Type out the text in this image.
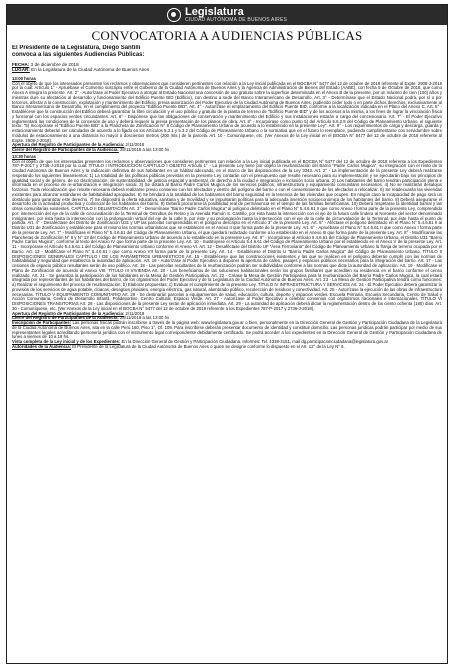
Legislatura
CIUDAD AUTÓNOMA DE BUENOS AIRES
CONVOCATORIA A AUDIENCIAS PÚBLICAS

El Presidente de la Legislatura, Diego Santilli
convoca a las siguientes Audiencias Públicas:

FECHA: 3 de diciembre de 2018

LUGAR: En la Legislatura de la Ciudad Autónoma de Buenos Aires

13:00 horas

Con el objeto de que los interesados presenten los reclamos y observaciones que consideren pertinentes con relación a la Ley inicial publicada en el BOCBA N° 5477 del 12 de octubre de 2018 referente al Expte. 2908-J-2018 por la cual: Artículo 1° - Apruébase el Convenio suscripto entre el Gobierno de la Ciudad Autónoma de Buenos Aires y la Agencia de Administración de Bienes del Estado (AABE), con fecha 5 de Octubre de 2018, que como Anexo A integra la presente. Art. 2° - Autorízase al Poder Ejecutivo a otorgar al Estado Nacional una concesión de uso gratuito sobre la superficie determinada en el Anexo B de la presente, por un máximo de cien (100) años y mientras dure su afectación al desarrollo y funcionamiento del Edificio Puente BID (Edificio), con destino a sede del Banco Interamericano de Desarrollo. Art. 3° - Determínase que el Estado Nacional podrá, por sí o por terceros, afectar a la construcción, explotación y mantenimiento del Edificio, previa autorización del Poder Ejecutivo de la Ciudad Autónoma de Buenos Aires, pudiendo ceder todo o en parte dichos derechos, exclusivamente al Banco Interamericano de Desarrollo, en el cumplimiento del proyecto "Edificio Puente BID". Art. 4° - Autorízase el emplazamiento del Edificio Puente BID, conforme a la localización indicada en el Plano del Anexo C. Art. 5° - Establécese que la construcción del Edificio deberá garantizar la libre circulación y el uso público y gratuito de la planta de terreno de "Edificio Puente BID" y de los accesos a la misma, a los fines de lograr la vinculación física y funcional con los espacios verdes circundantes. Art. 6° - Dispónese que las obligaciones de conservación y mantenimiento del Edificio y sus instalaciones estarán a cargo del concesionario. Art. 7° - El Poder Ejecutivo reglamentará las condiciones de la concesión de uso y deberá requerir la previa presentación de los planos de obra. Art. 8° - Incorpórase como punto 5) del Artículo 5.5.2.8 del Código de Planeamiento Urbano, el siguiente texto: "5) Incorpórase el "Edificio Puente BID" a la Plancheta de Zonificación N° 8 Código de Planeamiento Urbano de acuerdo a lo establecido en la presente Ley". Art. 9° - Los requerimientos de carga y descarga, guarda y estacionamiento deberán ser calculados de acuerdo a lo fijado en los Artículos 5.3.1 y 5.3.2 del Código de Planeamiento Urbano o la normativa que en el futuro lo reemplace, pudiendo cumplimentarse con servidumbre sobre módulos de estacionamiento a una distancia no mayor a doscientos metros (200 mts.) de la parcela. Art. 10 - Comuníquese, etc. (Ver Anexos de la Ley inicial en el BOCBA N° 5477 del 12 de octubre de 2018 referente al Expte. 2908-J-2018).

Apertura del Registro de Participantes de la Audiencia: 2/11/2018

Cierre del Registro de Participantes de la Audiencia: 28/11/2018 a las 13:00 hs

13:30 horas

Con el objeto de que los interesados presenten los reclamos y observaciones que consideren pertinentes con relación a la Ley inicial publicada en el BOCBA N° 5477 del 12 de octubre de 2018 referente a los Expedientes 787-P-2017 y 2736-J-2018 por la cual: TÍTULO I INTRODUCCIÓN CAPÍTULO I OBJETO Artículo 1° - La presente Ley tiene por objeto la reurbanización del Barrio "Padre Carlos Mugica", su integración con el resto de la Ciudad Autónoma de Buenos Aires y la radicación definitiva de sus habitantes en un hábitat adecuado, en el marco de las disposiciones de la Ley 3343. Art. 2° - La implementación de la presente Ley deberá realizarse respetando los siguientes lineamientos: 1) La totalidad de las políticas públicas previstas en la presente Ley contarán con el presupuesto que resulte necesario para su implementación y se ejecutarán bajo los principios de igualdad social y de género, de no discriminación, de sustentabilidad, de justicia espacial y ambiental, de derecho a la ciudad e integración e inclusión socio urbana. 2) Los habitantes del barrio tendrán participación plena e informada en el proceso de re-urbanización e integración social. 3) Se dotará al Barrio Padre Carlos Mugica de los servicios públicos, infraestructura y equipamiento comunitario necesarios. 4) No se realizarán desalojos forzosos. Toda relocalización que resulte necesaria deberá realizarse previo consenso con los afectados y dentro del polígono del barrio o con el consentimiento de los afectados a relocalizar. 5) Se readecuarán las viviendas existentes para alcanzar estándares de habitabilidad apropiados. 6) Se brindará a la totalidad de los habitantes del barrio seguridad en la tenencia de las viviendas que ocupen. En ningún caso la incapacidad de pago será un obstáculo para garantizar este derecho. 7) Se dispondrá la oferta educativa, sanitaria y de movilidad y se impulsarán políticas para la adecuada inserción socioeconómica de los habitantes del barrio. 8) Deberá asegurarse el desarrollo de la actividad productiva y comercial de los habitantes del barrio. 9) Deberá procurarse la posibilidad real de permanencia en el tiempo de las familias beneficiarias. 10) Deberá respetarse la identidad barrial y las obras comunitarias existentes. CAPÍTULO II DELIMITACIÓN Art. 3° - Denomínase "Barrio Padre Carlos Mugica" al polígono delimitado en el Plano N° 5.4.6.61 II que como Anexo I forma parte de la presente Ley, comprendido por: intersección del eje de la calle de circunvalación de la Terminal de Ómnibus de Retiro y la Avenida Ramón S. Castillo, por ésta hasta la intersección con el eje de la futura calle lindera al Noroeste del sector denominado Inmigrantes, por ésta hasta la intersección con la prolongación virtual del eje de la calle 9, por éste y su prolongación hasta la intersección con el eje de la calle de circunvalación de la Terminal, por éste hasta el punto de partida. Art. 4° - Desaféctase del Distrito de Zonificación U31 y UP las parcelas comprendidas en el polígono descripto en el Artículo 3° de la presente Ley. Art. 5° - Aféctase el polígono delimitado en el Plano N° 5.4.6.61 II al Distrito U31 de Zonificación y establécese para el mismo las normas urbanísticas que se establecen en el Anexo II que forma parte de la presente Ley. Art. 6° - Apruébase el Plano N° 5.4.6.61 II que como Anexo I forma parte de la presente Ley. Art. 7° - Modifícase el Plano N° 5.4.6.61 del Código de Planeamiento Urbano, el que quedará redactado conforme a lo establecido en el Anexo III que forma parte de la presente Ley. Art. 8° - Modifícanse las Planchetas de Zonificación N° 8 y N° 13 del Código de Planeamiento Urbano de acuerdo a lo establecido en la presente Ley. Art. 9° - Incorpórase al Artículo 5.4.6.61 del Código de Planeamiento Urbano, el Distrito U31 "Barrio Padre Carlos Mugica", conforme al texto del Anexo IV que forma parte de la presente Ley. Art. 10 - Sustitúyese el Artículo 5.4.6.61 del Código de Planeamiento Urbano por el establecido en el Anexo V de la presente Ley. Art. 11 - Incorpórase el Artículo 5.4.6.61.1 del Código de Planeamiento Urbano conforme el Anexo VI. Art. 12 - Desaféctase del Distrito UF "Área Ferroviaria" del Código de Planeamiento Urbano la franja de terreno ocupada por el Barrio. Art. 13 - Modifícase el Plano N° 5.4.6.61 I que como Anexo VII forma parte de la presente Ley. Art. 14 - Establécese el Distrito U "Barrio Padre Carlos Mugica" del Código de Planeamiento Urbano. TÍTULO II DISPOSICIONES GENERALES CAPÍTULO I DE LOS PARÁMETROS URBANÍSTICOS Art. 15 - Establécese que las construcciones existentes y las que se realicen en el polígono deberán cumplir con las normas de habitabilidad y seguridad que establezca la autoridad de aplicación. Art. 16 - Autorízase al Poder Ejecutivo a disponer la apertura de calles, pasajes y espacios públicos necesarios para la integración del barrio. Art. 17 - Las cesiones de espacio público resultantes serán de uso público. Art. 18 - Las parcelas resultantes de la reurbanización podrán ser subdivididas conforme a las normas que dicte la autoridad de aplicación. Art. 19 - Modifícase el Plano de Zonificación de acuerdo al Anexo VIII. TÍTULO III VIVIENDA Art. 20 - Los beneficiarios de las soluciones habitacionales serán los grupos familiares que acrediten su residencia en el barrio conforme el censo realizado. Art. 21 - Se garantiza la participación de los habitantes en la Mesa de Gestión Participativa. Art. 22 - Créase la Mesa de Gestión Participativa para la reurbanización del Barrio Padre Carlos Mugica, la cual estará integrada por representantes de los habitantes del barrio, de los organismos del Poder Ejecutivo y de la Legislatura de la Ciudad Autónoma de Buenos Aires. Art. 23 - La Mesa de Gestión Participativa tendrá como funciones: a) Realizar el seguimiento del proceso de reurbanización; b) Elaborar propuestas; c) Evaluar el cumplimiento de la presente Ley. TÍTULO IV INFRAESTRUCTURA Y SERVICIOS Art. 24 - El Poder Ejecutivo deberá garantizar la provisión de los servicios de agua potable, cloacas, desagües pluviales, energía eléctrica, gas natural, alumbrado público, recolección de residuos y conectividad. Art. 25 - Autorízase la ejecución de las obras de infraestructura necesarias. TÍTULO V EQUIPAMIENTO COMUNITARIO Art. 26 - Se destinarán parcelas a equipamientos de salud, educación, cultura, deporte y espacios verdes. Escuela Primaria, Escuela Secundaria, Centro de Salud y Acción Comunitaria, Centro de Desarrollo Infantil, Polideportivo, Centro Cultural, Espacio Verde. Art. 27 - Autorízase al Poder Ejecutivo a celebrar convenios con organismos nacionales e internacionales. TÍTULO VI DISPOSICIONES TRANSITORIAS Art. 28 - Las disposiciones de la presente Ley serán de aplicación inmediata. Art. 29 - La autoridad de aplicación deberá dictar la reglamentación dentro de los ciento ochenta (180) días. Art. 30 - Comuníquese, etc. (Ver Anexos de la Ley inicial en el BOCBA N° 5477 del 12 de octubre de 2018 referente a los Expedientes 787-P-2017 y 2736-J-2018).

Apertura del Registro de Participantes de la Audiencia: 2/11/2018

Cierre del Registro de Participantes de la Audiencia: 28/11/2018 a las 13:00 hs

Inscripción de Participantes: Las personas físicas podrán inscribirse a través de la página web: www.legislatura.gov.ar o bien, personalmente en la Dirección General de Gestión y Participación Ciudadana de la Legislatura de la Ciudad Autónoma de Buenos Aires, sita en la calle Perú 160, Piso 1°, Of. 109. Para inscribirse deberán presentar documento de identidad y constituir domicilio. Las personas jurídicas podrán participar por medio de sus representantes legales acreditando personería jurídica con el instrumento legal correspondiente debidamente certificado. Se podrá acceder a los expedientes en la Dirección General de Gestión y Participación Ciudadana de lunes a viernes de 10 a 18 hs.

Vista completa de la Ley inicial y de los Expedientes: En la Dirección General de Gestión y Participación Ciudadana. Informes: Tel. 4338-3151, mail dg.participacionciudadana@legislatura.gov.ar

Autoridades de la Audiencia: El Presidente de la Legislatura de la Ciudad Autónoma de Buenos Aires o quien se designe conforme lo dispuesto en el Art. 12° de la Ley N° 6.
